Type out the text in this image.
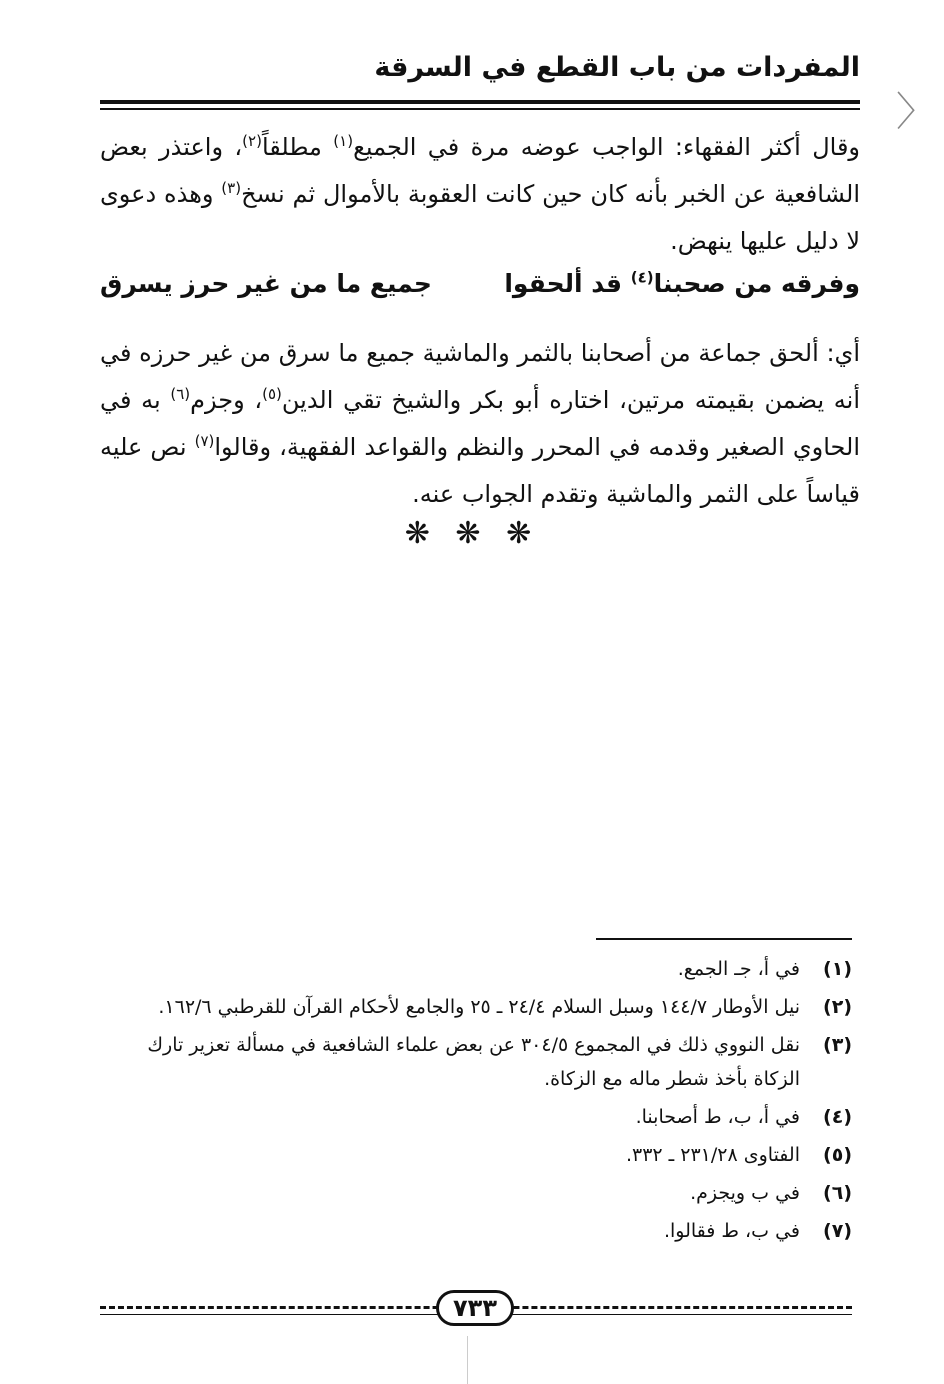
المفردات من باب القطع في السرقة
〉
وقال أكثر الفقهاء: الواجب عوضه مرة في الجميع$^{(١)}$ مطلقاً$^{(٢)}$، واعتذر بعض الشافعية عن الخبر بأنه كان حين كانت العقوبة بالأموال ثم نسخ$^{(٣)}$ وهذه دعوى لا دليل عليها ينهض.
وفرقه من صحبنا$^{(٤)}$ قد ألحقوا
جميع ما من غير حرز يسرق
أي: ألحق جماعة من أصحابنا بالثمر والماشية جميع ما سرق من غير حرزه في أنه يضمن بقيمته مرتين، اختاره أبو بكر والشيخ تقي الدين$^{(٥)}$، وجزم$^{(٦)}$ به في الحاوي الصغير وقدمه في المحرر والنظم والقواعد الفقهية، وقالوا$^{(٧)}$ نص عليه قياساً على الثمر والماشية وتقدم الجواب عنه.
❋ ❋ ❋
(١)
في أ، جـ الجمع.
(٢)
نيل الأوطار ١٤٤/٧ وسبل السلام ٢٤/٤ ـ ٢٥ والجامع لأحكام القرآن للقرطبي ١٦٢/٦.
(٣)
نقل النووي ذلك في المجموع ٣٠٤/٥ عن بعض علماء الشافعية في مسألة تعزير تارك الزكاة بأخذ شطر ماله مع الزكاة.
(٤)
في أ، ب، ط أصحابنا.
(٥)
الفتاوى ٢٣١/٢٨ ـ ٣٣٢.
(٦)
في ب ويجزم.
(٧)
في ب، ط فقالوا.
٧٣٣
